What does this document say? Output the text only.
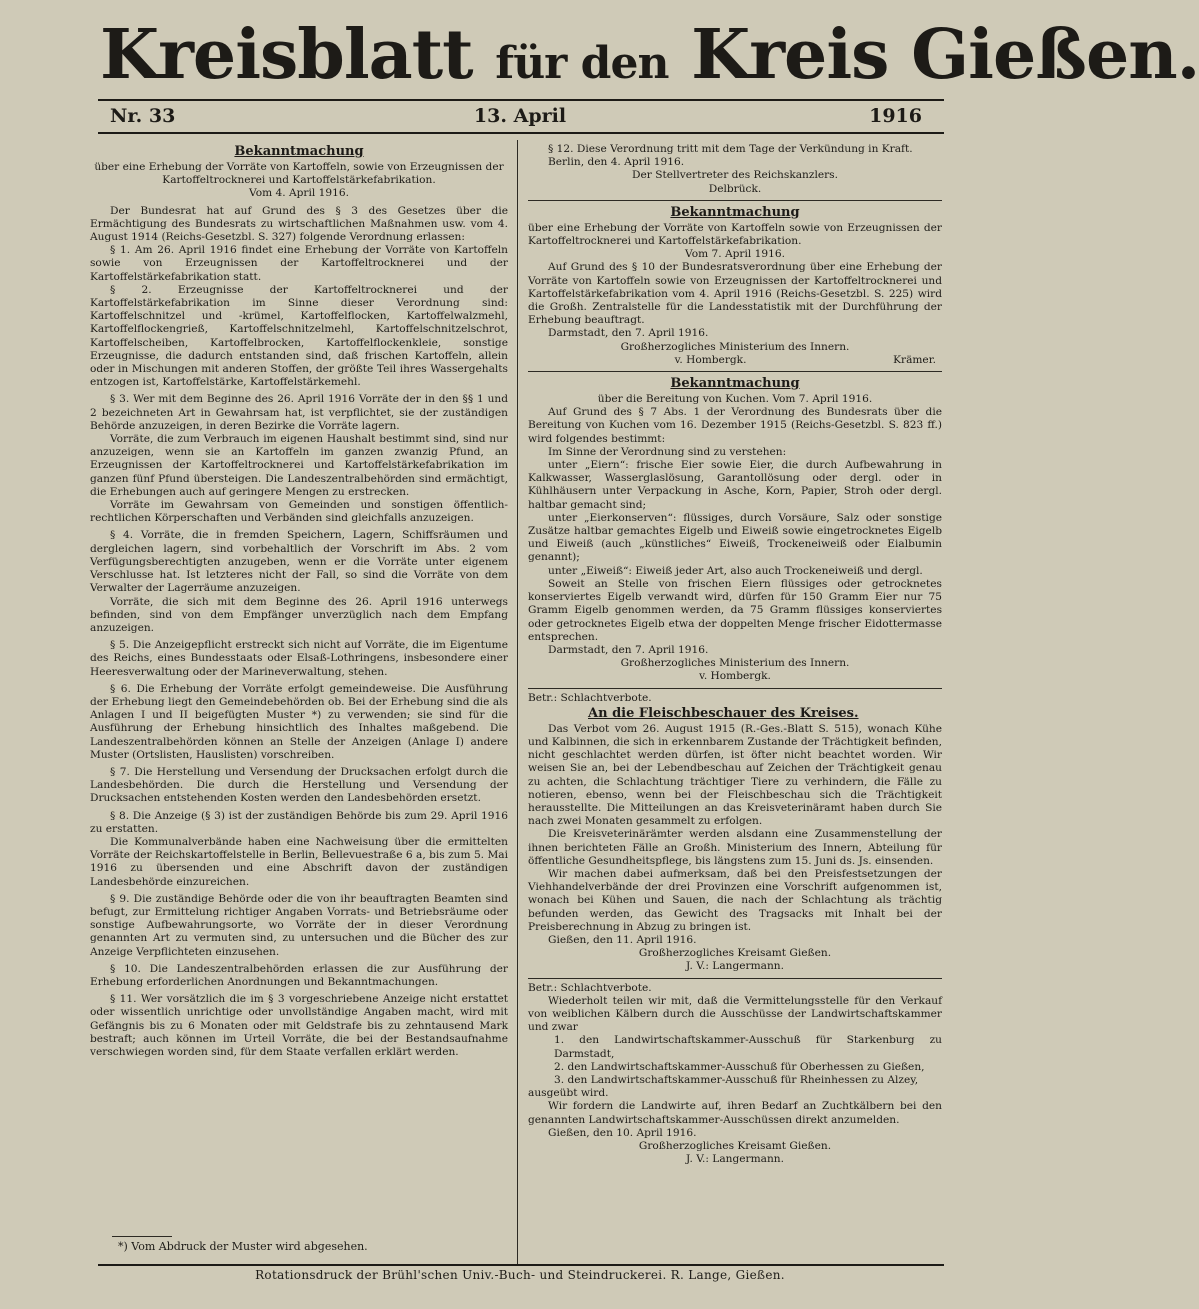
Kreisblatt für den Kreis Gießen.
Nr. 33	13. April	1916

Bekanntmachung

über eine Erhebung der Vorräte von Kartoffeln, sowie von Erzeugnissen der Kartoffeltrocknerei und Kartoffelstärkefabrikation.

Vom 4. April 1916.

Der Bundesrat hat auf Grund des § 3 des Gesetzes über die Ermächtigung des Bundesrats zu wirtschaftlichen Maßnahmen usw. vom 4. August 1914 (Reichs-Gesetzbl. S. 327) folgende Verordnung erlassen:

§ 1. Am 26. April 1916 findet eine Erhebung der Vorräte von Kartoffeln sowie von Erzeugnissen der Kartoffeltrocknerei und der Kartoffelstärkefabrikation statt.

§ 2. Erzeugnisse der Kartoffeltrocknerei und der Kartoffelstärkefabrikation im Sinne dieser Verordnung sind: Kartoffelschnitzel und -krümel, Kartoffelflocken, Kartoffelwalzmehl, Kartoffelflockengrieß, Kartoffelschnitzelmehl, Kartoffelschnitzelschrot, Kartoffelscheiben, Kartoffelbrocken, Kartoffelflockenkleie, sonstige Erzeugnisse, die dadurch entstanden sind, daß frischen Kartoffeln, allein oder in Mischungen mit anderen Stoffen, der größte Teil ihres Wassergehalts entzogen ist, Kartoffelstärke, Kartoffelstärkemehl.

§ 3. Wer mit dem Beginne des 26. April 1916 Vorräte der in den §§ 1 und 2 bezeichneten Art in Gewahrsam hat, ist verpflichtet, sie der zuständigen Behörde anzuzeigen, in deren Bezirke die Vorräte lagern.

Vorräte, die zum Verbrauch im eigenen Haushalt bestimmt sind, sind nur anzuzeigen, wenn sie an Kartoffeln im ganzen zwanzig Pfund, an Erzeugnissen der Kartoffeltrocknerei und Kartoffelstärkefabrikation im ganzen fünf Pfund übersteigen. Die Landeszentralbehörden sind ermächtigt, die Erhebungen auch auf geringere Mengen zu erstrecken.

Vorräte im Gewahrsam von Gemeinden und sonstigen öffentlich-rechtlichen Körperschaften und Verbänden sind gleichfalls anzuzeigen.

§ 4. Vorräte, die in fremden Speichern, Lagern, Schiffsräumen und dergleichen lagern, sind vorbehaltlich der Vorschrift im Abs. 2 vom Verfügungsberechtigten anzugeben, wenn er die Vorräte unter eigenem Verschlusse hat. Ist letzteres nicht der Fall, so sind die Vorräte von dem Verwalter der Lagerräume anzuzeigen.

Vorräte, die sich mit dem Beginne des 26. April 1916 unterwegs befinden, sind von dem Empfänger unverzüglich nach dem Empfang anzuzeigen.

§ 5. Die Anzeigepflicht erstreckt sich nicht auf Vorräte, die im Eigentume des Reichs, eines Bundesstaats oder Elsaß-Lothringens, insbesondere einer Heeresverwaltung oder der Marineverwaltung, stehen.

§ 6. Die Erhebung der Vorräte erfolgt gemeindeweise. Die Ausführung der Erhebung liegt den Gemeindebehörden ob. Bei der Erhebung sind die als Anlagen I und II beigefügten Muster *) zu verwenden; sie sind für die Ausführung der Erhebung hinsichtlich des Inhaltes maßgebend. Die Landeszentralbehörden können an Stelle der Anzeigen (Anlage I) andere Muster (Ortslisten, Hauslisten) vorschreiben.

§ 7. Die Herstellung und Versendung der Drucksachen erfolgt durch die Landesbehörden. Die durch die Herstellung und Versendung der Drucksachen entstehenden Kosten werden den Landesbehörden ersetzt.

§ 8. Die Anzeige (§ 3) ist der zuständigen Behörde bis zum 29. April 1916 zu erstatten.

Die Kommunalverbände haben eine Nachweisung über die ermittelten Vorräte der Reichskartoffelstelle in Berlin, Bellevuestraße 6 a, bis zum 5. Mai 1916 zu übersenden und eine Abschrift davon der zuständigen Landesbehörde einzureichen.

§ 9. Die zuständige Behörde oder die von ihr beauftragten Beamten sind befugt, zur Ermittelung richtiger Angaben Vorrats- und Betriebsräume oder sonstige Aufbewahrungsorte, wo Vorräte der in dieser Verordnung genannten Art zu vermuten sind, zu untersuchen und die Bücher des zur Anzeige Verpflichteten einzusehen.

§ 10. Die Landeszentralbehörden erlassen die zur Ausführung der Erhebung erforderlichen Anordnungen und Bekanntmachungen.

§ 11. Wer vorsätzlich die im § 3 vorgeschriebene Anzeige nicht erstattet oder wissentlich unrichtige oder unvollständige Angaben macht, wird mit Gefängnis bis zu 6 Monaten oder mit Geldstrafe bis zu zehntausend Mark bestraft; auch können im Urteil Vorräte, die bei der Bestandsaufnahme verschwiegen worden sind, für dem Staate verfallen erklärt werden.

*) Vom Abdruck der Muster wird abgesehen.

§ 12. Diese Verordnung tritt mit dem Tage der Verkündung in Kraft.

Berlin, den 4. April 1916.

Der Stellvertreter des Reichskanzlers.

Delbrück.

Bekanntmachung

über eine Erhebung der Vorräte von Kartoffeln sowie von Erzeugnissen der Kartoffeltrocknerei und Kartoffelstärkefabrikation.

Vom 7. April 1916.

Auf Grund des § 10 der Bundesratsverordnung über eine Erhebung der Vorräte von Kartoffeln sowie von Erzeugnissen der Kartoffeltrocknerei und Kartoffelstärkefabrikation vom 4. April 1916 (Reichs-Gesetzbl. S. 225) wird die Großh. Zentralstelle für die Landesstatistik mit der Durchführung der Erhebung beauftragt.

Darmstadt, den 7. April 1916.

Großherzogliches Ministerium des Innern.

v. Hombergk.	Krämer.

Bekanntmachung

über die Bereitung von Kuchen. Vom 7. April 1916.

Auf Grund des § 7 Abs. 1 der Verordnung des Bundesrats über die Bereitung von Kuchen vom 16. Dezember 1915 (Reichs-Gesetzbl. S. 823 ff.) wird folgendes bestimmt:

Im Sinne der Verordnung sind zu verstehen:

unter „Eiern“: frische Eier sowie Eier, die durch Aufbewahrung in Kalkwasser, Wasserglaslösung, Garantollösung oder dergl. oder in Kühlhäusern unter Verpackung in Asche, Korn, Papier, Stroh oder dergl. haltbar gemacht sind;

unter „Eierkonserven“: flüssiges, durch Vorsäure, Salz oder sonstige Zusätze haltbar gemachtes Eigelb und Eiweiß sowie eingetrocknetes Eigelb und Eiweiß (auch „künstliches“ Eiweiß, Trockeneiweiß oder Eialbumin genannt);

unter „Eiweiß“: Eiweiß jeder Art, also auch Trockeneiweiß und dergl.

Soweit an Stelle von frischen Eiern flüssiges oder getrocknetes konserviertes Eigelb verwandt wird, dürfen für 150 Gramm Eier nur 75 Gramm Eigelb genommen werden, da 75 Gramm flüssiges konserviertes oder getrocknetes Eigelb etwa der doppelten Menge frischer Eidottermasse entsprechen.

Darmstadt, den 7. April 1916.

Großherzogliches Ministerium des Innern.

v. Hombergk.

Betr.: Schlachtverbote.

An die Fleischbeschauer des Kreises.

Das Verbot vom 26. August 1915 (R.-Ges.-Blatt S. 515), wonach Kühe und Kalbinnen, die sich in erkennbarem Zustande der Trächtigkeit befinden, nicht geschlachtet werden dürfen, ist öfter nicht beachtet worden. Wir weisen Sie an, bei der Lebendbeschau auf Zeichen der Trächtigkeit genau zu achten, die Schlachtung trächtiger Tiere zu verhindern, die Fälle zu notieren, ebenso, wenn bei der Fleischbeschau sich die Trächtigkeit herausstellte. Die Mitteilungen an das Kreisveterinäramt haben durch Sie nach zwei Monaten gesammelt zu erfolgen.

Die Kreisveterinärämter werden alsdann eine Zusammenstellung der ihnen berichteten Fälle an Großh. Ministerium des Innern, Abteilung für öffentliche Gesundheitspflege, bis längstens zum 15. Juni ds. Js. einsenden.

Wir machen dabei aufmerksam, daß bei den Preisfestsetzungen der Viehhandelverbände der drei Provinzen eine Vorschrift aufgenommen ist, wonach bei Kühen und Sauen, die nach der Schlachtung als trächtig befunden werden, das Gewicht des Tragsacks mit Inhalt bei der Preisberechnung in Abzug zu bringen ist.

Gießen, den 11. April 1916.

Großherzogliches Kreisamt Gießen.

J. V.: Langermann.

Betr.: Schlachtverbote.

Wiederholt teilen wir mit, daß die Vermittelungsstelle für den Verkauf von weiblichen Kälbern durch die Ausschüsse der Landwirtschaftskammer und zwar

1. den Landwirtschaftskammer-Ausschuß für Starkenburg zu Darmstadt,

2. den Landwirtschaftskammer-Ausschuß für Oberhessen zu Gießen,

3. den Landwirtschaftskammer-Ausschuß für Rheinhessen zu Alzey,

ausgeübt wird.

Wir fordern die Landwirte auf, ihren Bedarf an Zuchtkälbern bei den genannten Landwirtschaftskammer-Ausschüssen direkt anzumelden.

Gießen, den 10. April 1916.

Großherzogliches Kreisamt Gießen.

J. V.: Langermann.

Rotationsdruck der Brühl'schen Univ.-Buch- und Steindruckerei. R. Lange, Gießen.
